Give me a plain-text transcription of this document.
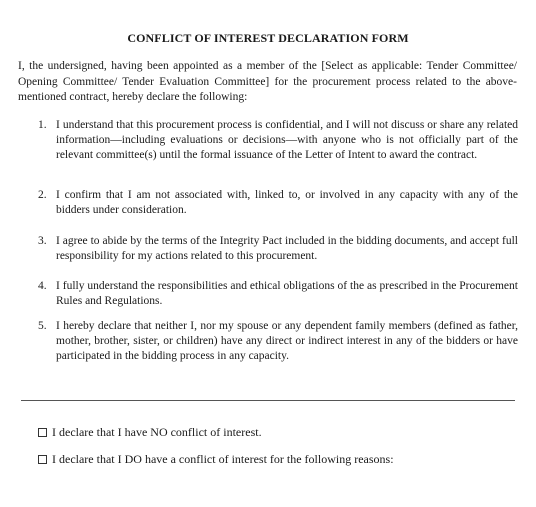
CONFLICT OF INTEREST DECLARATION FORM

I, the undersigned, having been appointed as a member of the [Select as applicable: Tender Committee/ Opening Committee/ Tender Evaluation Committee] for the procurement process related to the above-mentioned contract, hereby declare the following:

1. I understand that this procurement process is confidential, and I will not discuss or share any related information—including evaluations or decisions—with anyone who is not officially part of the relevant committee(s) until the formal issuance of the Letter of Intent to award the contract.
2. I confirm that I am not associated with, linked to, or involved in any capacity with any of the bidders under consideration.
3. I agree to abide by the terms of the Integrity Pact included in the bidding documents, and accept full responsibility for my actions related to this procurement.
4. I fully understand the responsibilities and ethical obligations of the as prescribed in the Procurement Rules and Regulations.
5. I hereby declare that neither I, nor my spouse or any dependent family members (defined as father, mother, brother, sister, or children) have any direct or indirect interest in any of the bidders or have participated in the bidding process in any capacity.
I declare that I have NO conflict of interest.
I declare that I DO have a conflict of interest for the following reasons:
